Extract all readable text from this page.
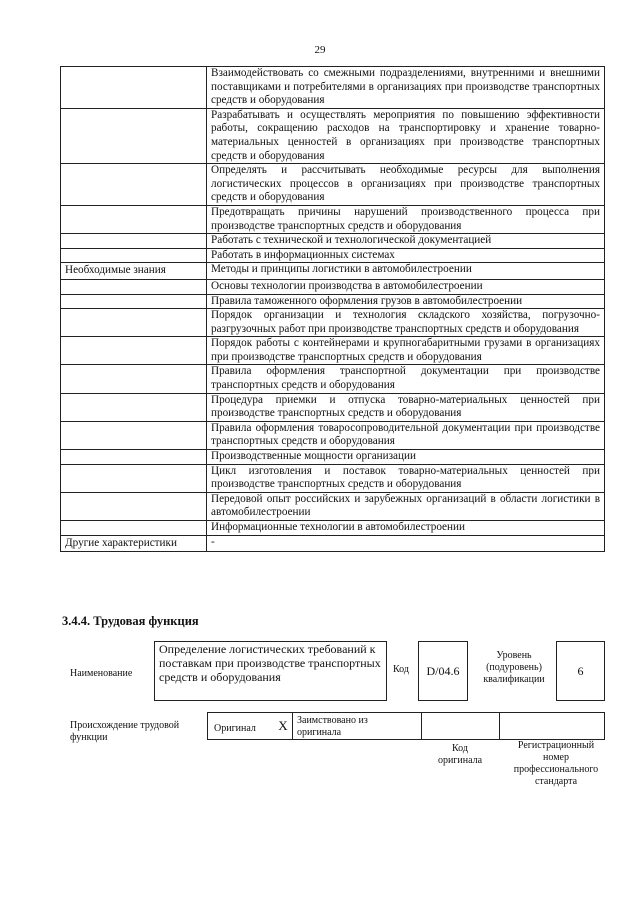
29
	Взаимодействовать со смежными подразделениями, внутренними и внешними поставщиками и потребителями в организациях при производстве транспортных средств и оборудования
	Разрабатывать и осуществлять мероприятия по повышению эффективности работы, сокращению расходов на транспортировку и хранение товарно-материальных ценностей в организациях при производстве транспортных средств и оборудования
	Определять и рассчитывать необходимые ресурсы для выполнения логистических процессов в организациях при производстве транспортных средств и оборудования
	Предотвращать причины нарушений производственного процесса при производстве транспортных средств и оборудования
	Работать с технической и технологической документацией
	Работать в информационных системах
Необходимые знания	Методы и принципы логистики в автомобилестроении
	Основы технологии производства в автомобилестроении
	Правила таможенного оформления грузов в автомобилестроении
	Порядок организации и технология складского хозяйства, погрузочно-разгрузочных работ при производстве транспортных средств и оборудования
	Порядок работы с контейнерами и крупногабаритными грузами в организациях при производстве транспортных средств и оборудования
	Правила оформления транспортной документации при производстве транспортных средств и оборудования
	Процедура приемки и отпуска товарно-материальных ценностей при производстве транспортных средств и оборудования
	Правила оформления товаросопроводительной документации при производстве транспортных средств и оборудования
	Производственные мощности организации
	Цикл изготовления и поставок товарно-материальных ценностей при производстве транспортных средств и оборудования
	Передовой опыт российских и зарубежных организаций в области логистики в автомобилестроении
	Информационные технологии в автомобилестроении
Другие характеристики	-
3.4.4. Трудовая функция
Наименование
Определение логистических требований к поставкам при производстве транспортных средств и оборудования
Код	D/04.6
Уровень (подуровень) квалификации
6
Происхождение трудовой функции
Оригинал	X Заимствовано из оригинала
Код оригинала
Регистрационный номер профессионального стандарта
